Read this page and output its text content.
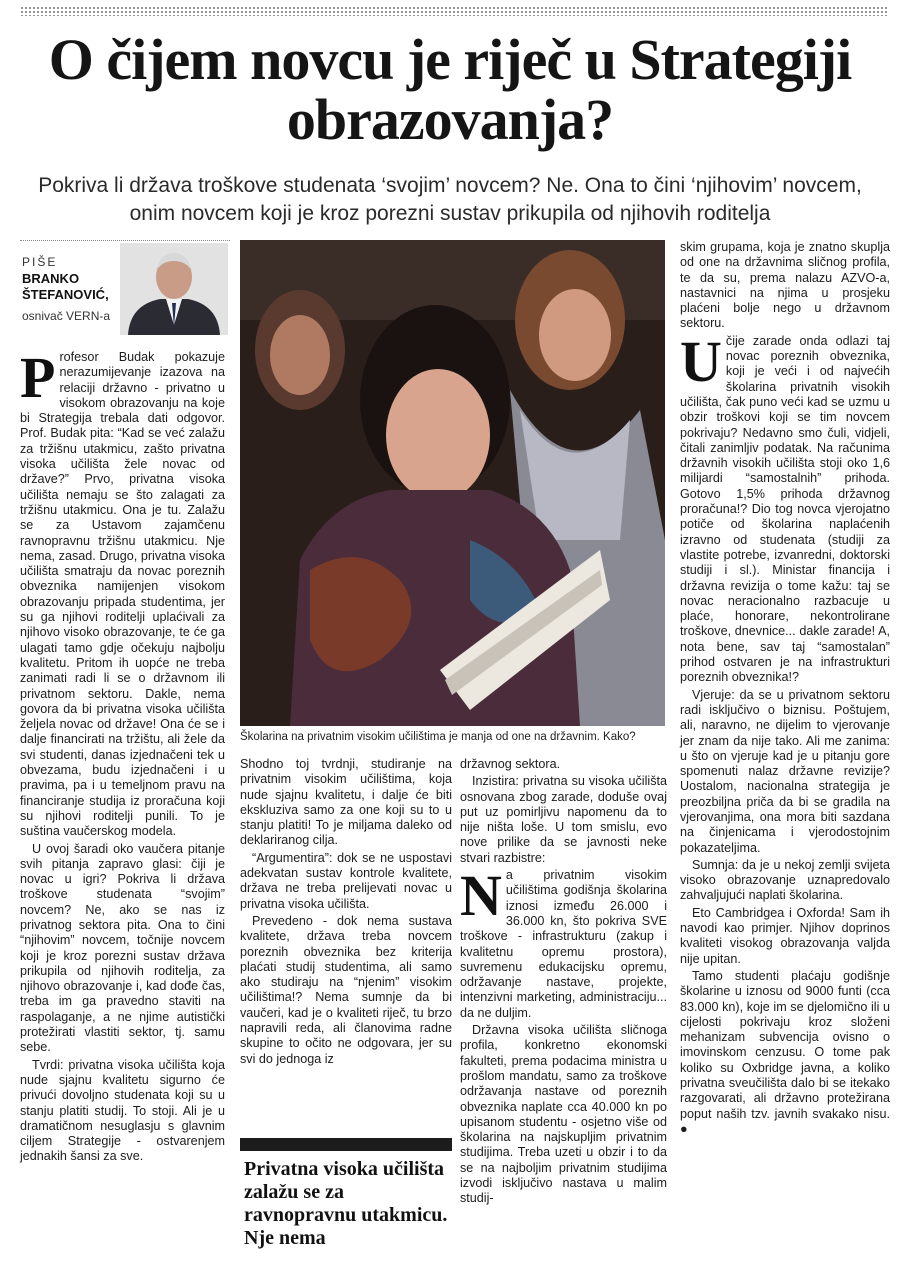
O čijem novcu je riječ u Strategiji obrazovanja?

Pokriva li država troškove studenata ‘svojim’ novcem? Ne. Ona to čini ‘njihovim’ novcem, onim novcem koji je kroz porezni sustav prikupila od njihovih roditelja

PIŠE
BRANKO ŠTEFANOVIĆ,
osnivač VERN-a

Profesor Budak pokazuje nerazumijevanje izazova na relaciji državno - privatno u visokom obrazovanju na koje bi Strategija trebala dati odgovor. Prof. Budak pita: “Kad se već zalažu za tržišnu utakmicu, zašto privatna visoka učilišta žele novac od države?” Prvo, privatna visoka učilišta nemaju se što zalagati za tržišnu utakmicu. Ona je tu. Zalažu se za Ustavom zajamčenu ravnopravnu tržišnu utakmicu. Nje nema, zasad. Drugo, privatna visoka učilišta smatraju da novac poreznih obveznika namijenjen visokom obrazovanju pripada studentima, jer su ga njihovi roditelji uplaćivali za njihovo visoko obrazovanje, te će ga ulagati tamo gdje očekuju najbolju kvalitetu. Pritom ih uopće ne treba zanimati radi li se o državnom ili privatnom sektoru. Dakle, nema govora da bi privatna visoka učilišta željela novac od države! Ona će se i dalje financirati na tržištu, ali žele da svi studenti, danas izjednačeni tek u obvezama, budu izjednačeni i u pravima, pa i u temeljnom pravu na financiranje studija iz proračuna koji su njihovi roditelji punili. To je suština vaučerskog modela.

U ovoj šaradi oko vaučera pitanje svih pitanja zapravo glasi: čiji je novac u igri? Pokriva li država troškove studenata “svojim” novcem? Ne, ako se nas iz privatnog sektora pita. Ona to čini “njihovim” novcem, točnije novcem koji je kroz porezni sustav država prikupila od njihovih roditelja, za njihovo obrazovanje i, kad dođe čas, treba im ga pravedno staviti na raspolaganje, a ne njime autistički protežirati vlastiti sektor, tj. samu sebe.

Tvrdi: privatna visoka učilišta koja nude sjajnu kvalitetu sigurno će privući dovoljno studenata koji su u stanju platiti studij. To stoji. Ali je u dramatičnom nesuglasju s glavnim ciljem Strategije - ostvarenjem jednakih šansi za sve.

Školarina na privatnim visokim učilištima je manja od one na državnim. Kako?

Shodno toj tvrdnji, studiranje na privatnim visokim učilištima, koja nude sjajnu kvalitetu, i dalje će biti ekskluziva samo za one koji su to u stanju platiti! To je miljama daleko od deklariranog cilja.

“Argumentira”: dok se ne uspostavi adekvatan sustav kontrole kvalitete, država ne treba prelijevati novac u privatna visoka učilišta.

Prevedeno - dok nema sustava kvalitete, država treba novcem poreznih obveznika bez kriterija plaćati studij studentima, ali samo ako studiraju na “njenim” visokim učilištima!? Nema sumnje da bi vaučeri, kad je o kvaliteti riječ, tu brzo napravili reda, ali članovima radne skupine to očito ne odgovara, jer su svi do jednoga iz

Privatna visoka učilišta zalažu se za ravnopravnu utakmicu. Nje nema

državnog sektora.

Inzistira: privatna su visoka učilišta osnovana zbog zarade, doduše ovaj put uz pomirljivu napomenu da to nije ništa loše. U tom smislu, evo nove prilike da se javnosti neke stvari razbistre:

Na privatnim visokim učilištima godišnja školarina iznosi između 26.000 i 36.000 kn, što pokriva SVE troškove - infrastrukturu (zakup i kvalitetnu opremu prostora), suvremenu edukacijsku opremu, održavanje nastave, projekte, intenzivni marketing, administraciju... da ne duljim.

Državna visoka učilišta sličnoga profila, konkretno ekonomski fakulteti, prema podacima ministra u prošlom mandatu, samo za troškove održavanja nastave od poreznih obveznika naplate cca 40.000 kn po upisanom studentu - osjetno više od školarina na najskupljim privatnim studijima. Treba uzeti u obzir i to da se na najboljim privatnim studijima izvodi isključivo nastava u malim studij-

skim grupama, koja je znatno skuplja od one na državnima sličnog profila, te da su, prema nalazu AZVO-a, nastavnici na njima u prosjeku plaćeni bolje nego u državnom sektoru.

Učije zarade onda odlazi taj novac poreznih obveznika, koji je veći i od najvećih školarina privatnih visokih učilišta, čak puno veći kad se uzmu u obzir troškovi koji se tim novcem pokrivaju? Nedavno smo čuli, vidjeli, čitali zanimljiv podatak. Na računima državnih visokih učilišta stoji oko 1,6 milijardi “samostalnih” prihoda. Gotovo 1,5% prihoda državnog proračuna!? Dio tog novca vjerojatno potiče od školarina naplaćenih izravno od studenata (studiji za vlastite potrebe, izvanredni, doktorski studiji i sl.). Ministar financija i državna revizija o tome kažu: taj se novac neracionalno razbacuje u plaće, honorare, nekontrolirane troškove, dnevnice... dakle zarade! A, nota bene, sav taj “samostalan” prihod ostvaren je na infrastrukturi poreznih obveznika!?

Vjeruje: da se u privatnom sektoru radi isključivo o biznisu. Poštujem, ali, naravno, ne dijelim to vjerovanje jer znam da nije tako. Ali me zanima: u što on vjeruje kad je u pitanju gore spomenuti nalaz državne revizije? Uostalom, nacionalna strategija je preozbiljna priča da bi se gradila na vjerovanjima, ona mora biti sazdana na činjenicama i vjerodostojnim pokazateljima.

Sumnja: da je u nekoj zemlji svijeta visoko obrazovanje uznapredovalo zahvaljujući naplati školarina.

Eto Cambridgea i Oxforda! Sam ih navodi kao primjer. Njihov doprinos kvaliteti visokog obrazovanja valjda nije upitan.

Tamo studenti plaćaju godišnje školarine u iznosu od 9000 funti (cca 83.000 kn), koje im se djelomično ili u cijelosti pokrivaju kroz složeni mehanizam subvencija ovisno o imovinskom cenzusu. O tome pak koliko su Oxbridge javna, a koliko privatna sveučilišta dalo bi se itekako razgovarati, ali državno protežirana poput naših tzv. javnih svakako nisu. ●
